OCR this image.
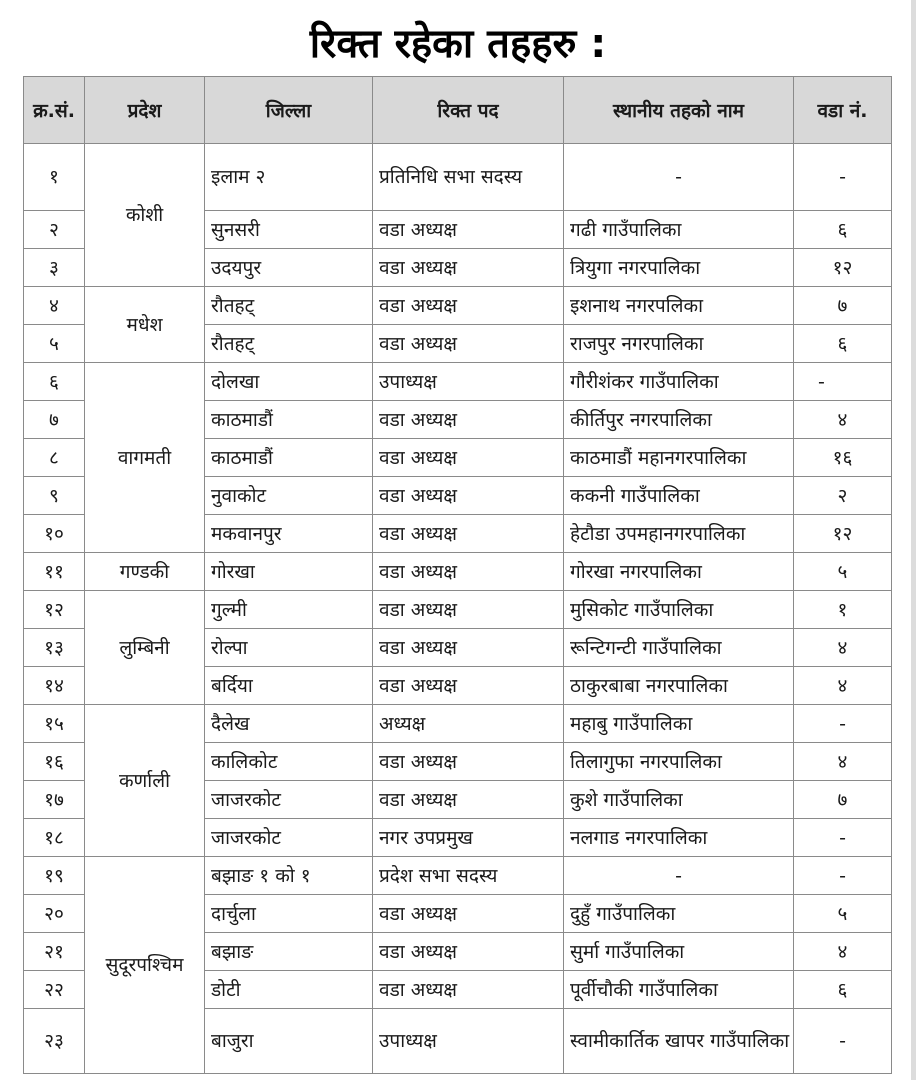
रिक्त रहेका तहहरु :
क्र.सं.	प्रदेश	जिल्ला	रिक्त पद	स्थानीय तहको नाम	वडा नं.
१	कोशी	इलाम २	प्रतिनिधि सभा सदस्य	-	-
२		सुनसरी	वडा अध्यक्ष	गढी गाउँपालिका	६
३		उदयपुर	वडा अध्यक्ष	त्रियुगा नगरपालिका	१२
४	मधेश	रौतहट्	वडा अध्यक्ष	इशनाथ नगरपलिका	७
५		रौतहट्	वडा अध्यक्ष	राजपुर नगरपालिका	६
६	वागमती	दोलखा	उपाध्यक्ष	गौरीशंकर गाउँपालिका	-
७		काठमाडौं	वडा अध्यक्ष	कीर्तिपुर नगरपालिका	४
८		काठमाडौं	वडा अध्यक्ष	काठमाडौं महानगरपालिका	१६
९		नुवाकोट	वडा अध्यक्ष	ककनी गाउँपालिका	२
१०		मकवानपुर	वडा अध्यक्ष	हेटौडा उपमहानगरपालिका	१२
११	गण्डकी	गोरखा	वडा अध्यक्ष	गोरखा नगरपालिका	५
१२	लुम्बिनी	गुल्मी	वडा अध्यक्ष	मुसिकोट गाउँपालिका	१
१३		रोल्पा	वडा अध्यक्ष	रून्टिगन्टी गाउँपालिका	४
१४		बर्दिया	वडा अध्यक्ष	ठाकुरबाबा नगरपालिका	४
१५	कर्णाली	दैलेख	अध्यक्ष	महाबु गाउँपालिका	-
१६		कालिकोट	वडा अध्यक्ष	तिलागुफा नगरपालिका	४
१७		जाजरकोट	वडा अध्यक्ष	कुशे गाउँपालिका	७
१८		जाजरकोट	नगर उपप्रमुख	नलगाड नगरपालिका	-
१९	सुदूरपश्चिम	बझाङ १ को १	प्रदेश सभा सदस्य	-	-
२०		दार्चुला	वडा अध्यक्ष	दुहुँ गाउँपालिका	५
२१		बझाङ	वडा अध्यक्ष	सुर्मा गाउँपालिका	४
२२		डोटी	वडा अध्यक्ष	पूर्वीचौकी गाउँपालिका	६
२३		बाजुरा	उपाध्यक्ष	स्वामीकार्तिक खापर गाउँपालिका	-
